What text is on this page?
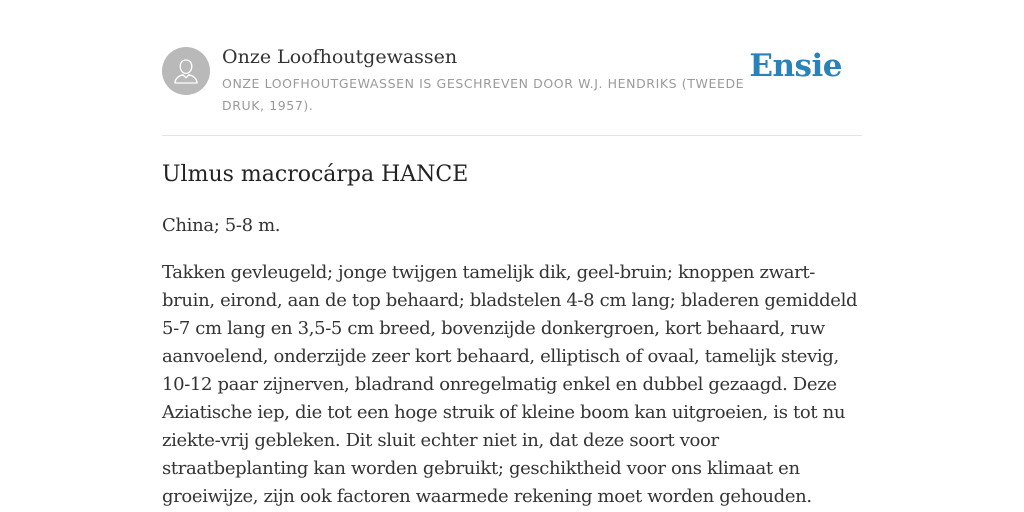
Onze Loofhoutgewassen
ONZE LOOFHOUTGEWASSEN IS GESCHREVEN DOOR W.J. HENDRIKS (TWEEDE DRUK, 1957).
Ensie
Ulmus macrocárpa HANCE

China; 5-8 m.

Takken gevleugeld; jonge twijgen tamelijk dik, geel-bruin; knoppen zwart-bruin, eirond, aan de top behaard; bladstelen 4-8 cm lang; bladeren gemiddeld 5-7 cm lang en 3,5-5 cm breed, bovenzijde donkergroen, kort behaard, ruw aanvoelend, onderzijde zeer kort behaard, elliptisch of ovaal, tamelijk stevig, 10-12 paar zijnerven, bladrand onregelmatig enkel en dubbel gezaagd. Deze Aziatische iep, die tot een hoge struik of kleine boom kan uitgroeien, is tot nu ziekte-vrij gebleken. Dit sluit echter niet in, dat deze soort voor straatbeplanting kan worden gebruikt; geschiktheid voor ons klimaat en groeiwijze, zijn ook factoren waarmede rekening moet worden gehouden.
